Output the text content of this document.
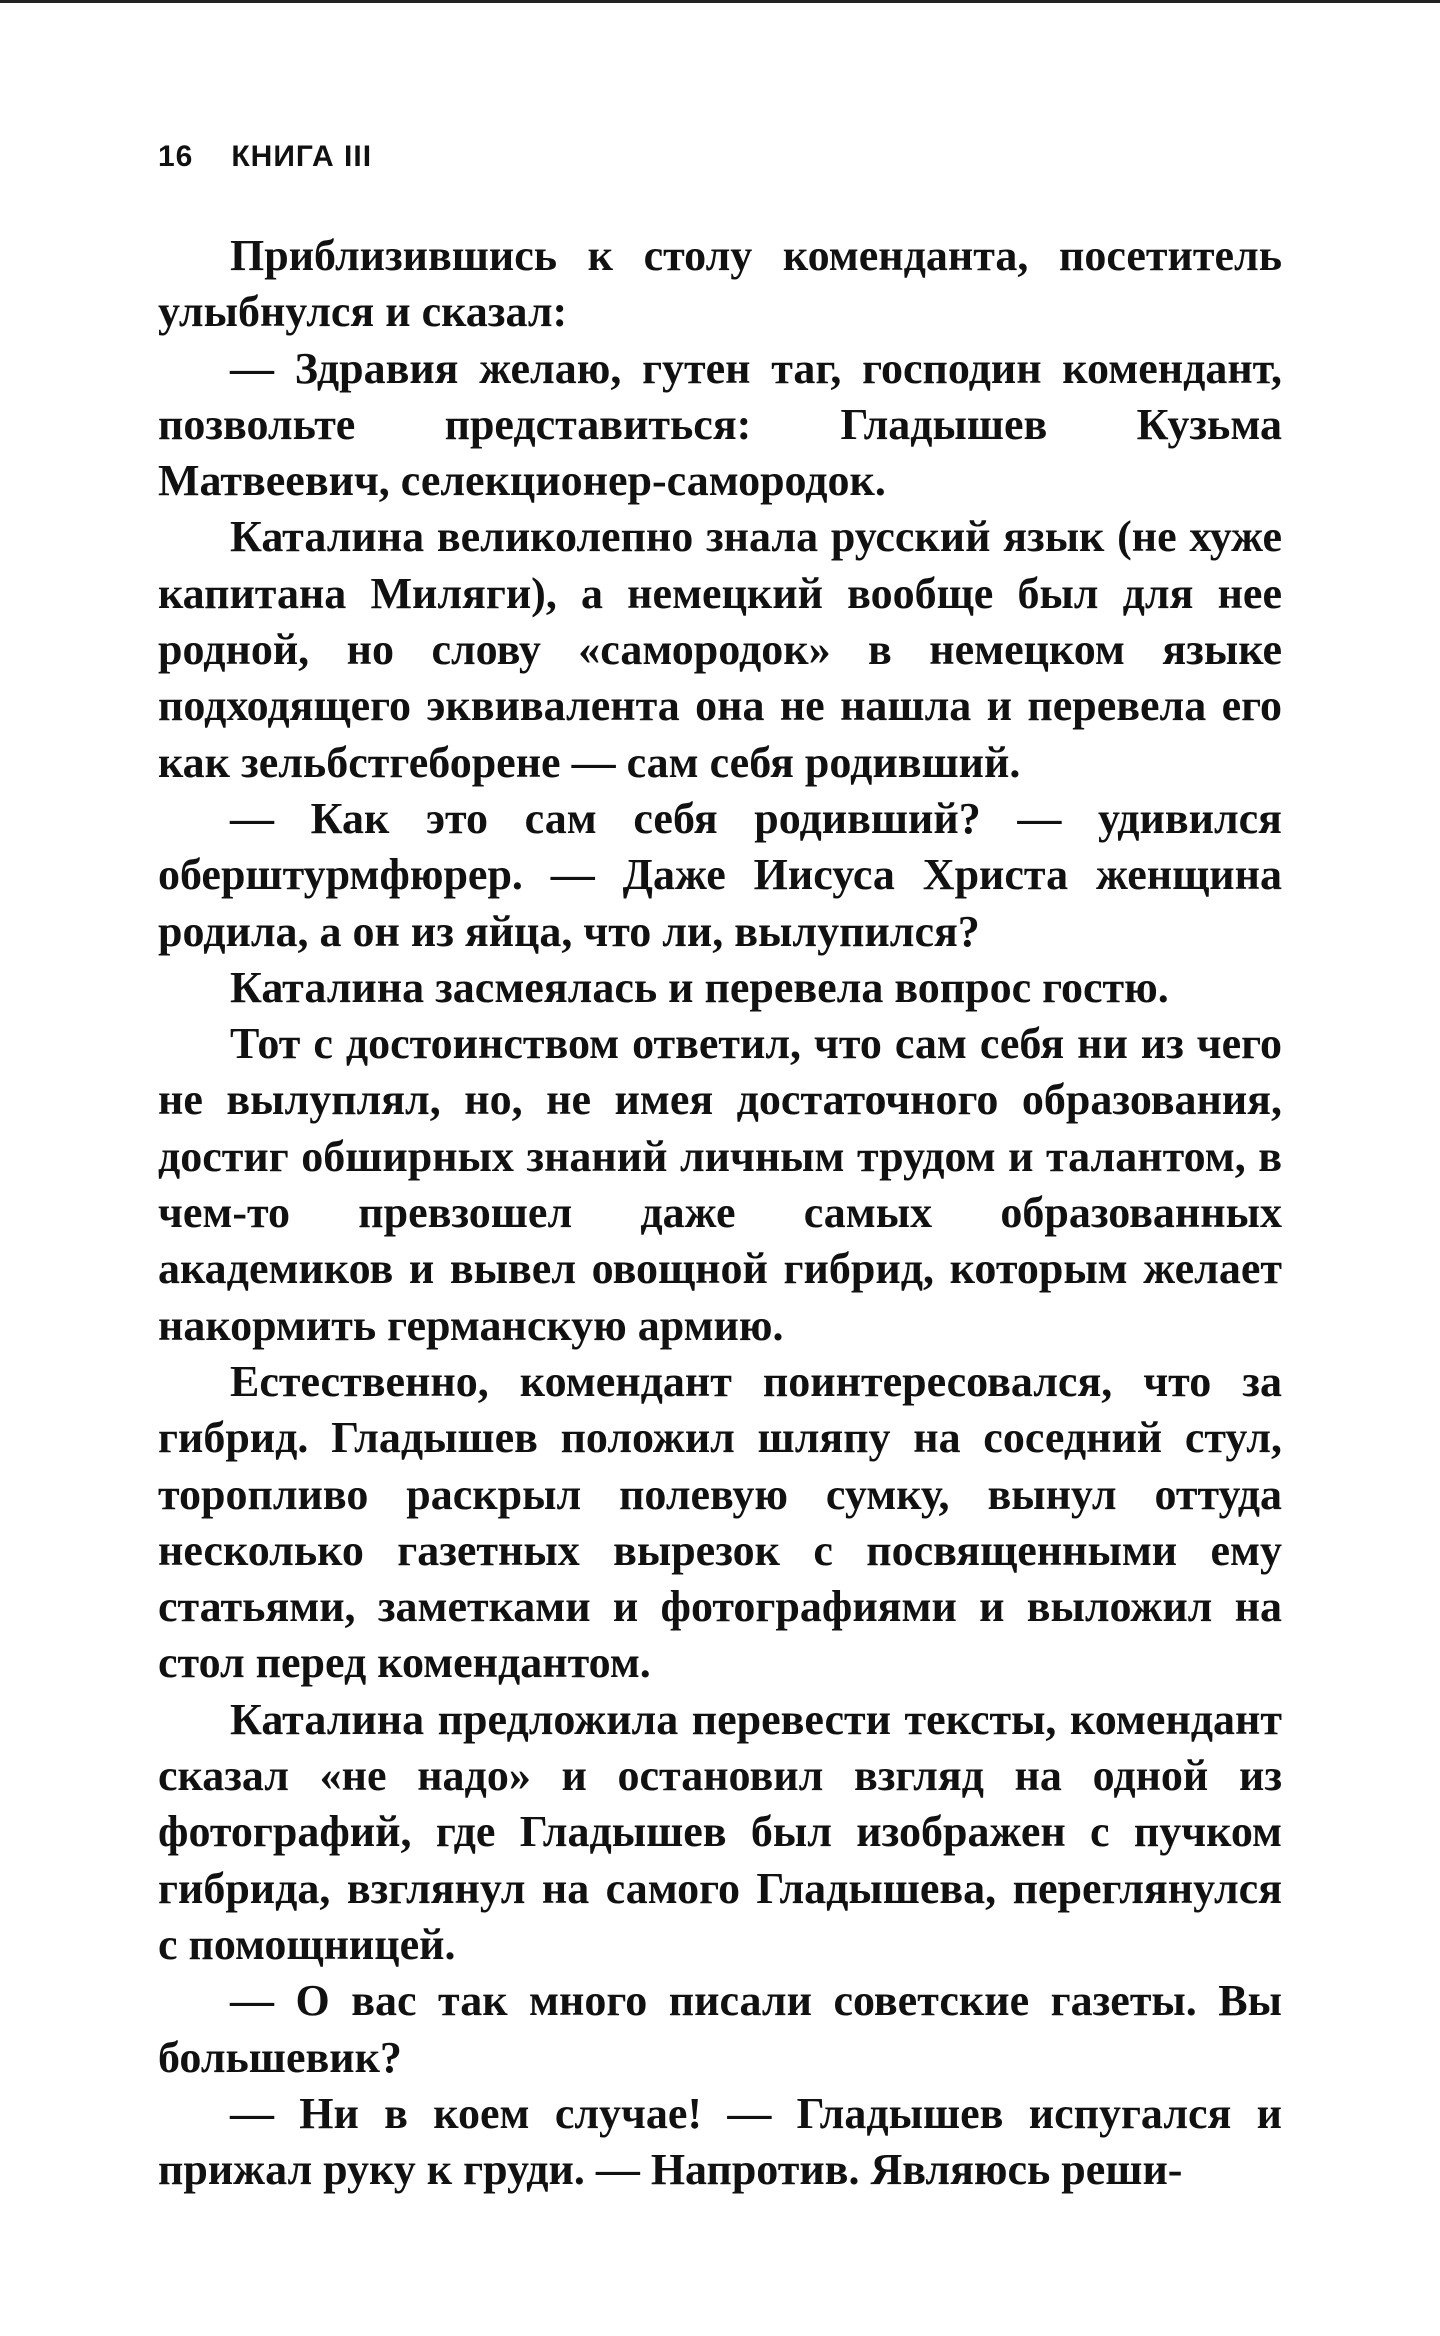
16 КНИГА III

Приблизившись к столу коменданта, посетитель улыбнулся и сказал:

— Здравия желаю, гутен таг, господин комендант, позвольте представиться: Гладышев Кузьма Матвеевич, селекционер-самородок.

Каталина великолепно знала русский язык (не хуже капитана Миляги), а немецкий вообще был для нее родной, но слову «самородок» в немецком языке подходящего эквивалента она не нашла и перевела его как зельбстгеборене — сам себя родивший.

— Как это сам себя родивший? — удивился оберштурмфюрер. — Даже Иисуса Христа женщина родила, а он из яйца, что ли, вылупился?

Каталина засмеялась и перевела вопрос гостю.

Тот с достоинством ответил, что сам себя ни из чего не вылуплял, но, не имея достаточного образования, достиг обширных знаний личным трудом и талантом, в чем-то превзошел даже самых образованных академиков и вывел овощной гибрид, которым желает накормить германскую армию.

Естественно, комендант поинтересовался, что за гибрид. Гладышев положил шляпу на соседний стул, торопливо раскрыл полевую сумку, вынул оттуда несколько газетных вырезок с посвященными ему статьями, заметками и фотографиями и выложил на стол перед комендантом.

Каталина предложила перевести тексты, комендант сказал «не надо» и остановил взгляд на одной из фотографий, где Гладышев был изображен с пучком гибрида, взглянул на самого Гладышева, переглянулся с помощницей.

— О вас так много писали советские газеты. Вы большевик?

— Ни в коем случае! — Гладышев испугался и прижал руку к груди. — Напротив. Являюсь реши-
